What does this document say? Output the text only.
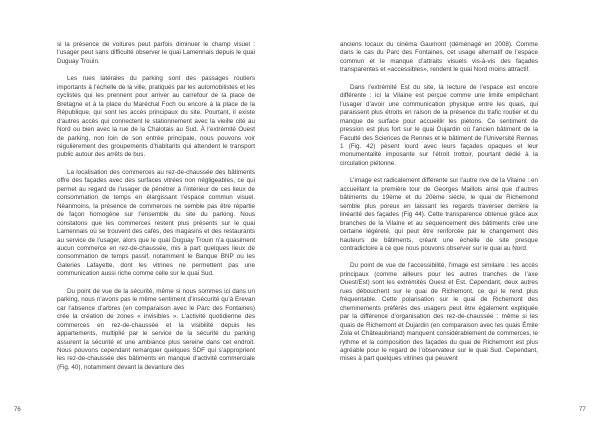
si la présence de voitures peut parfois diminuer le champ visuel : l’usager peut sans difficulté observer le quai Lamennais depuis le quai Duguay Trouin.

Les rues latérales du parking sont des passages routiers importants à l’échelle de la ville, pratiqués par les automobilistes et les cyclistes qui les prennent pour arriver au carrefour de la place de Bretagne et à la place du Maréchal Foch ou encore à la place de la République, qui sont les accès principaux du site. Pourtant, il existe d’autres accès qui connectent le stationnement avec la vieille cité au Nord ou bien avec la rue de la Chalotais au Sud. À l’extrémité Ouest de parking, non loin de son entrée principale, nous pouvons voir régulièrement des groupements d’habitants qui attendent le transport public autour des arrêts de bus.

La localisation des commerces au rez-de-chaussée des bâtiments offre des façades avec des surfaces vitrées non négligeables, ce qui permet au regard de l’usager de pénétrer à l’intérieur de ces lieux de consommation de temps en élargissant l’espace commun visuel. Néanmoins, la présence de commerces ne semble pas être répartie de façon homogène sur l’ensemble du site du parking. Nous constatons que les commerces restent plus présents sur le quai Lamennais où se trouvent des cafés, des magasins et des restaurants au service de l’usager, alors que le quai Duguay Trouin n’a quasiment aucun commerce en rez-de-chaussée, mis à part quelques lieux de consommation de temps passif, notamment le Banque BNP ou les Galeries Lafayette, dont les vitrines ne permettent pas une communication aussi riche comme celle sur le quai Sud.

Du point de vue de la sécurité, même si nous sommes ici dans un parking, nous n’avons pas le même sentiment d’insécurité qu’à Erevan car l’absence d’arbres (en comparaison avec le Parc des Fontaines) crée la création de zones « invisibles ». L’activité quotidienne des commerces en rez-de-chaussée et la visibilité depuis les appartements, multiplié par le service de la sécurité du parking assurent la sécurité et une ambiance plus sereine dans cet endroit. Nous pouvons cependant remarquer quelques SDF qui s’approprient les rez-de-chaussée des bâtiments en manque d’activité commerciale (Fig. 40), notamment devant la devanture des

anciens locaux du cinéma Gaumont (déménagé en 2008). Comme dans le cas du Parc des Fontaines, cet usage alternatif de l’espace commun et le manque d’attraits visuels vis-à-vis des façades transparentes et «accessibles», rendent le quai Nord moins attractif.

Dans l’extrémité Est du site, la lecture de l’espace est encore différente : ici la Vilaine est perçue comme une limite empêchant l’usager d’avoir une communication physique entre les quais, qui paraissent plus étroits en raison de la présence du trafic routier et du manque de surface pour accueillir les piétons. Ce sentiment de pression est plus fort sur le quai Dujardin où l’ancien bâtiment de la Faculté des Sciences de Rennes et le bâtiment de l’Université Rennes 1 (Fig. 42) pèsent lourd avec leurs façades opaques et leur monumentalité imposante sur l’étroit trottoir, pourtant dédié à la circulation piétonne.

L’image est radicalement différente sur l’autre rive de la Vilaine : en accueillant la première tour de Georges Maillols ainsi que d’autres bâtiments du 19ème et du 20ème siècle, le quai de Richemond semble plus poreux en laissant les regards traverser derrière la linéarité des façades (Fig 44). Cette transparence obtenue grâce aux branches de la Vilaine et au séquencement des bâtiments crée une certaine légèreté, qui peut être renforcée par le changement des hauteurs de bâtiments, créant une échelle de site presque contradictoire à ce que nous pouvons observer sur le quai au Nord.

Du point de vue de l’accessibilité, l’image est similaire : les accès principaux (comme ailleurs pour les autres tranches de l’axe Ouest/Est) sont les extrémités Ouest et Est. Cependant, deux autres rues débouchent sur le quai de Richemont, ce qui le rend plus fréquentable. Cette polarisation sur le quai de Richemont des cheminements préférés des usagers peut être également expliquée par la différence d’organisation des rez-de-chaussée : même si les quais de Richemont et Dujardin (en comparaison avec les quais Émile Zola et Châteaubriand) manquent considérablement de commerces, le rythme et la composition des façades du quai de Richemont est plus agréable pour le regard de l’observateur sur le quai Sud. Cependant, mises à part quelques vitrines qui peuvent

76	77
